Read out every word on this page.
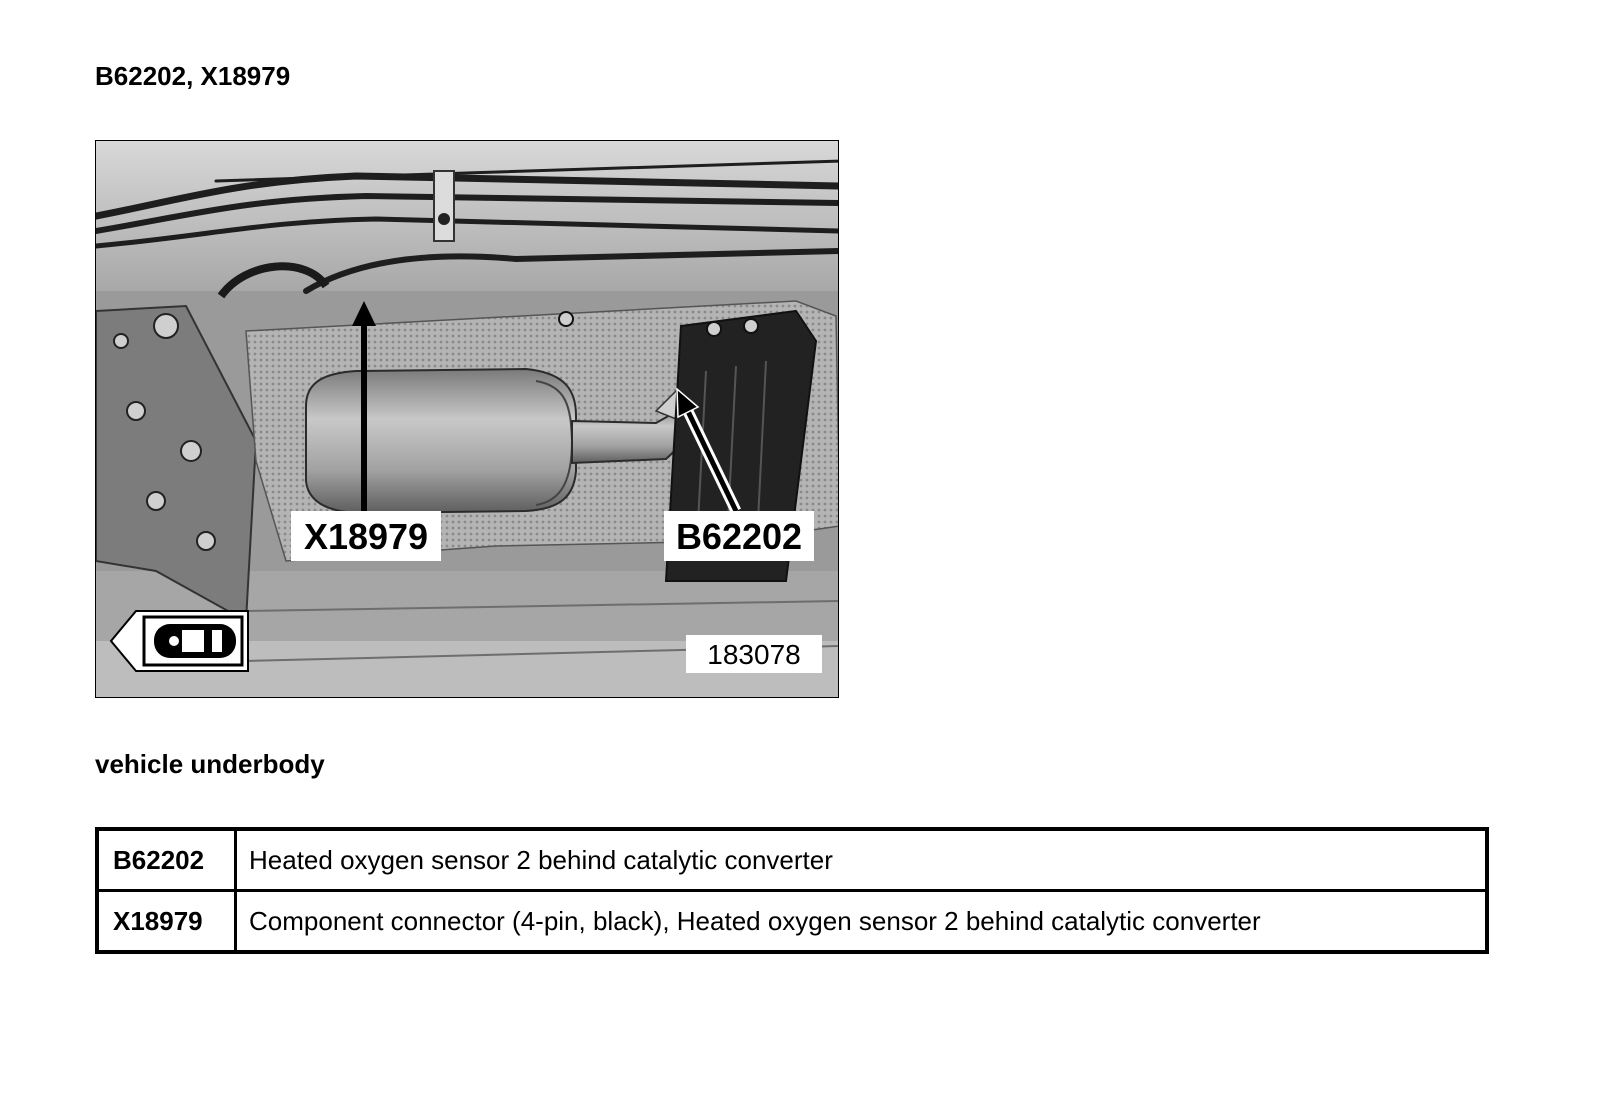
B62202, X18979
X18979	B62202
183078
vehicle underbody
B62202	Heated oxygen sensor 2 behind catalytic converter
X18979	Component connector (4-pin, black), Heated oxygen sensor 2 behind catalytic converter
